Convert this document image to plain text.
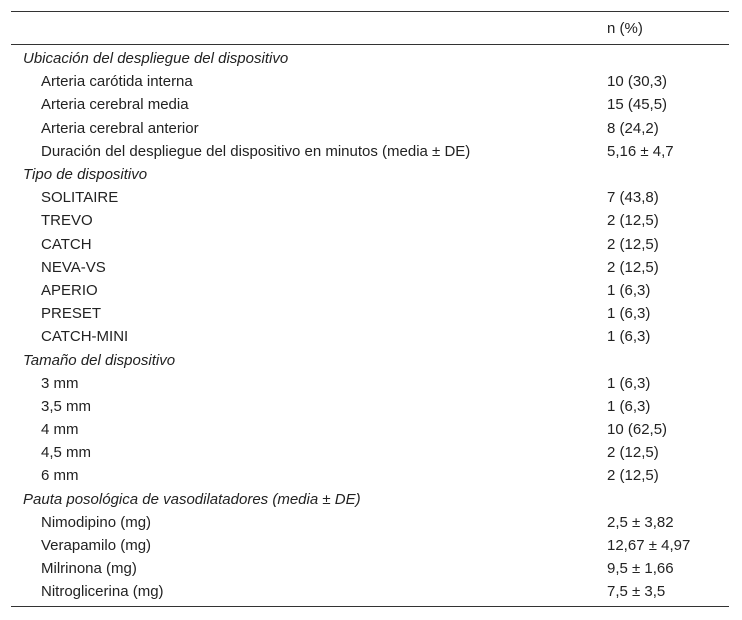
	n (%)
Ubicación del despliegue del dispositivo	
Arteria carótida interna	10 (30,3)
Arteria cerebral media	15 (45,5)
Arteria cerebral anterior	8 (24,2)
Duración del despliegue del dispositivo en minutos (media ± DE)	5,16 ± 4,7
Tipo de dispositivo	
SOLITAIRE	7 (43,8)
TREVO	2 (12,5)
CATCH	2 (12,5)
NEVA-VS	2 (12,5)
APERIO	1 (6,3)
PRESET	1 (6,3)
CATCH-MINI	1 (6,3)
Tamaño del dispositivo	
3 mm	1 (6,3)
3,5 mm	1 (6,3)
4 mm	10 (62,5)
4,5 mm	2 (12,5)
6 mm	2 (12,5)
Pauta posológica de vasodilatadores (media ± DE)	
Nimodipino (mg)	2,5 ± 3,82
Verapamilo (mg)	12,67 ± 4,97
Milrinona (mg)	9,5 ± 1,66
Nitroglicerina (mg)	7,5 ± 3,5
